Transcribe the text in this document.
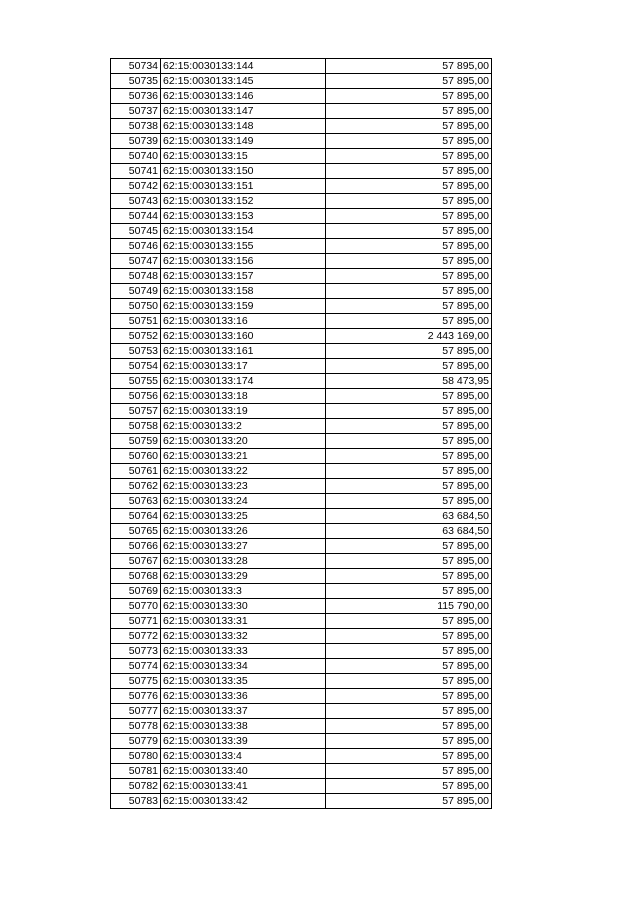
50734	62:15:0030133:144	57 895,00
50735	62:15:0030133:145	57 895,00
50736	62:15:0030133:146	57 895,00
50737	62:15:0030133:147	57 895,00
50738	62:15:0030133:148	57 895,00
50739	62:15:0030133:149	57 895,00
50740	62:15:0030133:15	57 895,00
50741	62:15:0030133:150	57 895,00
50742	62:15:0030133:151	57 895,00
50743	62:15:0030133:152	57 895,00
50744	62:15:0030133:153	57 895,00
50745	62:15:0030133:154	57 895,00
50746	62:15:0030133:155	57 895,00
50747	62:15:0030133:156	57 895,00
50748	62:15:0030133:157	57 895,00
50749	62:15:0030133:158	57 895,00
50750	62:15:0030133:159	57 895,00
50751	62:15:0030133:16	57 895,00
50752	62:15:0030133:160	2 443 169,00
50753	62:15:0030133:161	57 895,00
50754	62:15:0030133:17	57 895,00
50755	62:15:0030133:174	58 473,95
50756	62:15:0030133:18	57 895,00
50757	62:15:0030133:19	57 895,00
50758	62:15:0030133:2	57 895,00
50759	62:15:0030133:20	57 895,00
50760	62:15:0030133:21	57 895,00
50761	62:15:0030133:22	57 895,00
50762	62:15:0030133:23	57 895,00
50763	62:15:0030133:24	57 895,00
50764	62:15:0030133:25	63 684,50
50765	62:15:0030133:26	63 684,50
50766	62:15:0030133:27	57 895,00
50767	62:15:0030133:28	57 895,00
50768	62:15:0030133:29	57 895,00
50769	62:15:0030133:3	57 895,00
50770	62:15:0030133:30	115 790,00
50771	62:15:0030133:31	57 895,00
50772	62:15:0030133:32	57 895,00
50773	62:15:0030133:33	57 895,00
50774	62:15:0030133:34	57 895,00
50775	62:15:0030133:35	57 895,00
50776	62:15:0030133:36	57 895,00
50777	62:15:0030133:37	57 895,00
50778	62:15:0030133:38	57 895,00
50779	62:15:0030133:39	57 895,00
50780	62:15:0030133:4	57 895,00
50781	62:15:0030133:40	57 895,00
50782	62:15:0030133:41	57 895,00
50783	62:15:0030133:42	57 895,00
